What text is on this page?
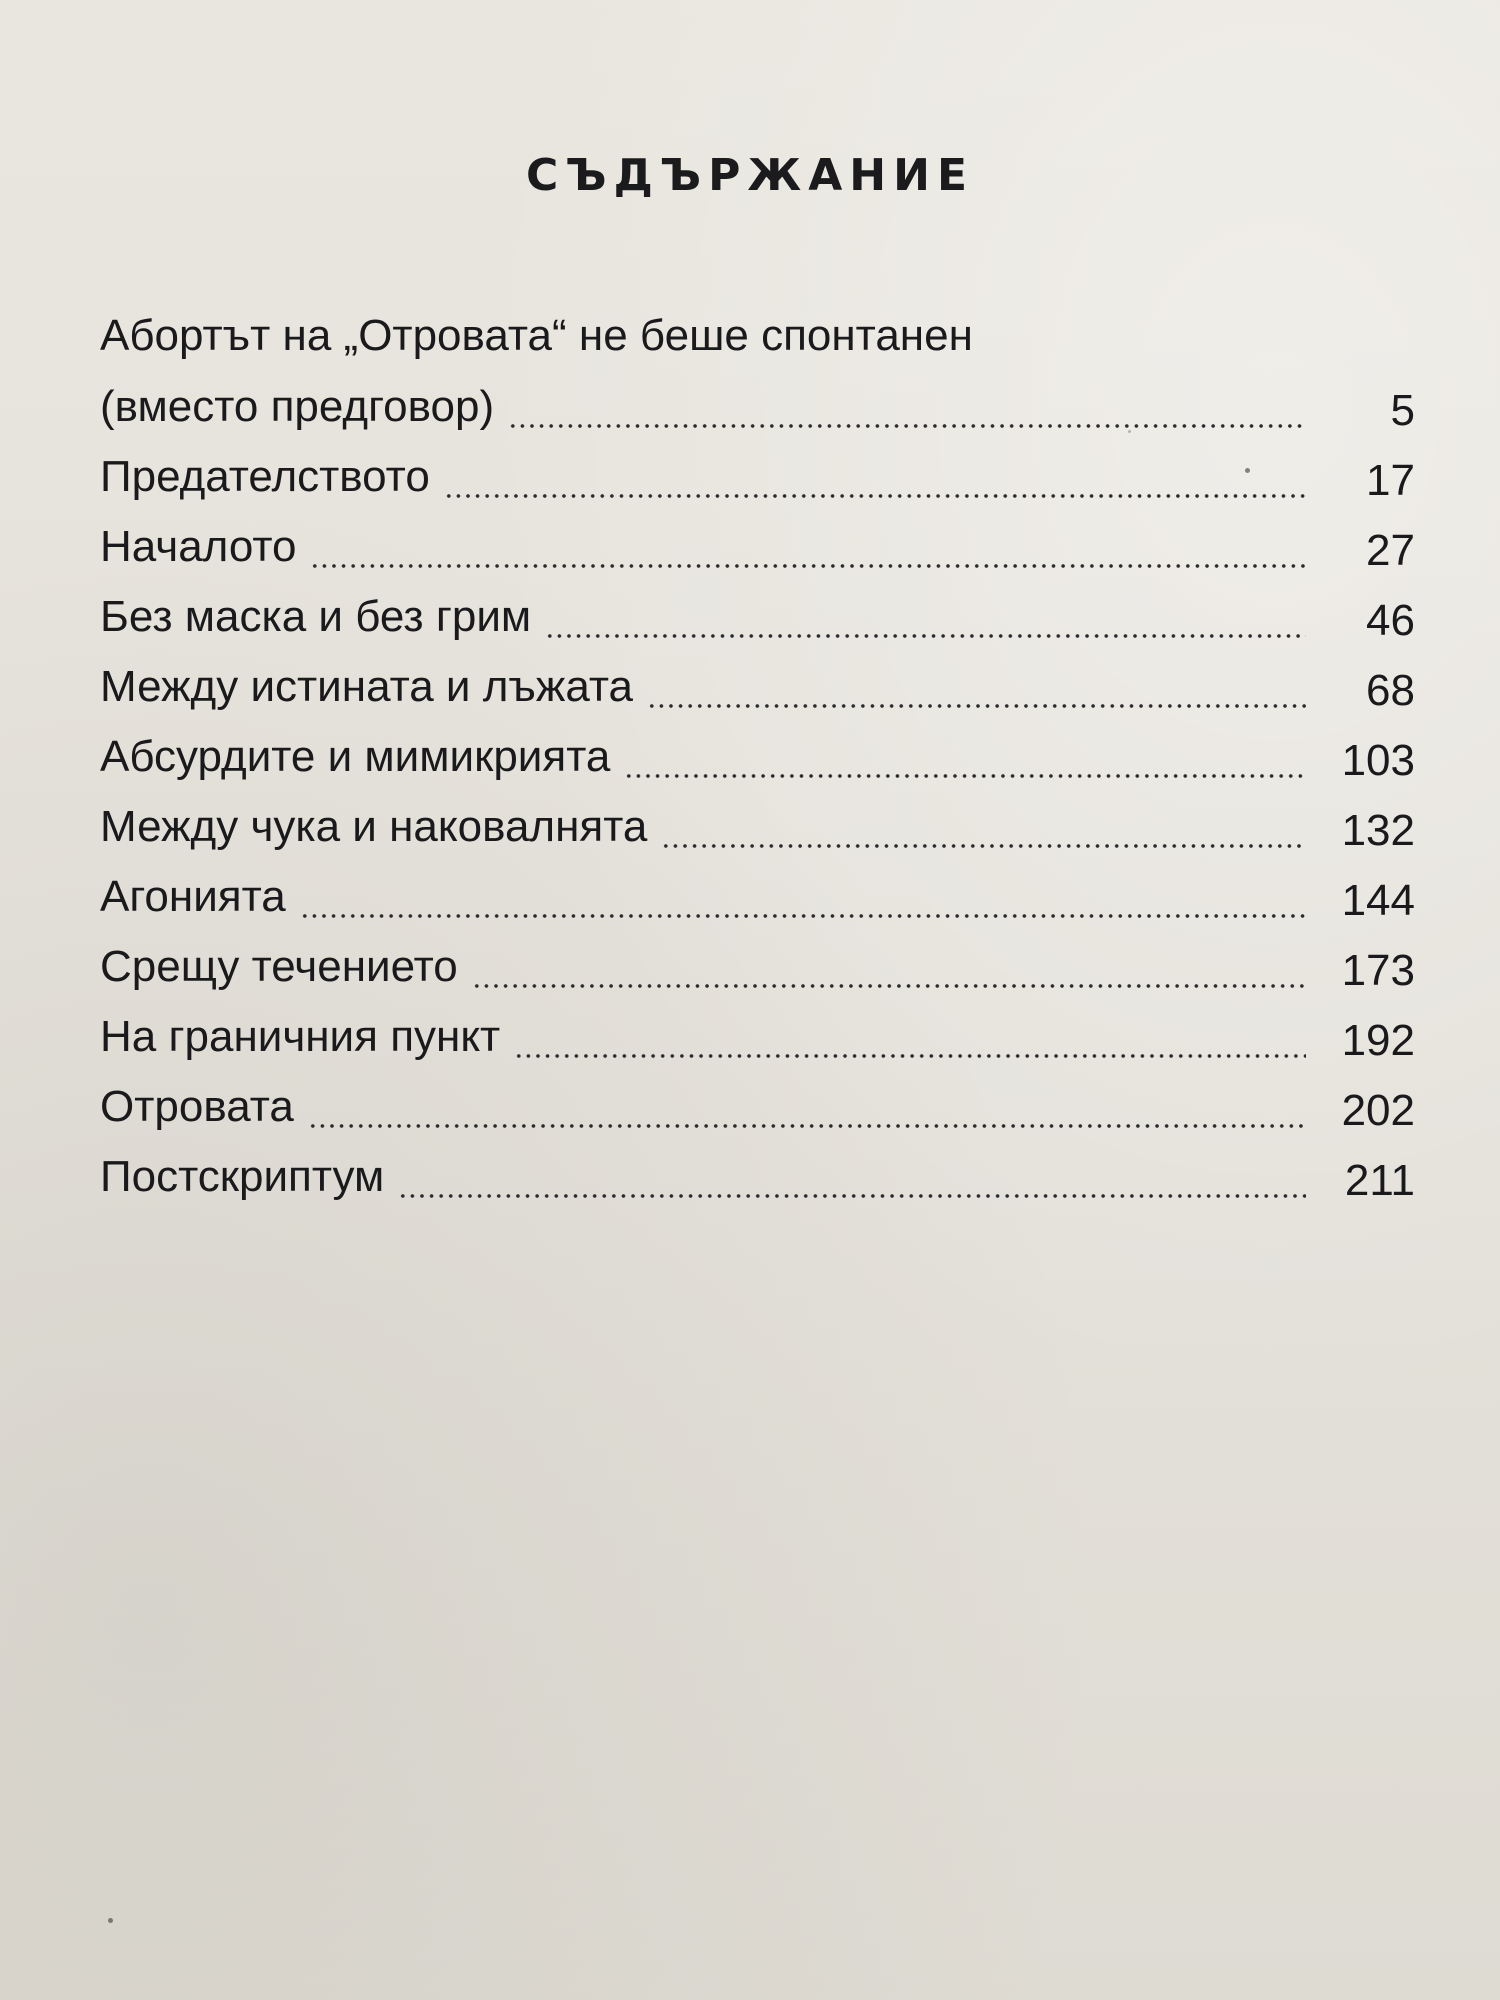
СЪДЪРЖАНИЕ
Абортът на „Отровата“ не беше спонтанен
(вместо предговор)	5
Предателството	17
Началото	27
Без маска и без грим	46
Между истината и лъжата	68
Абсурдите и мимикрията	103
Между чука и наковалнята	132
Агонията	144
Срещу течението	173
На граничния пункт	192
Отровата	202
Постскриптум	211
